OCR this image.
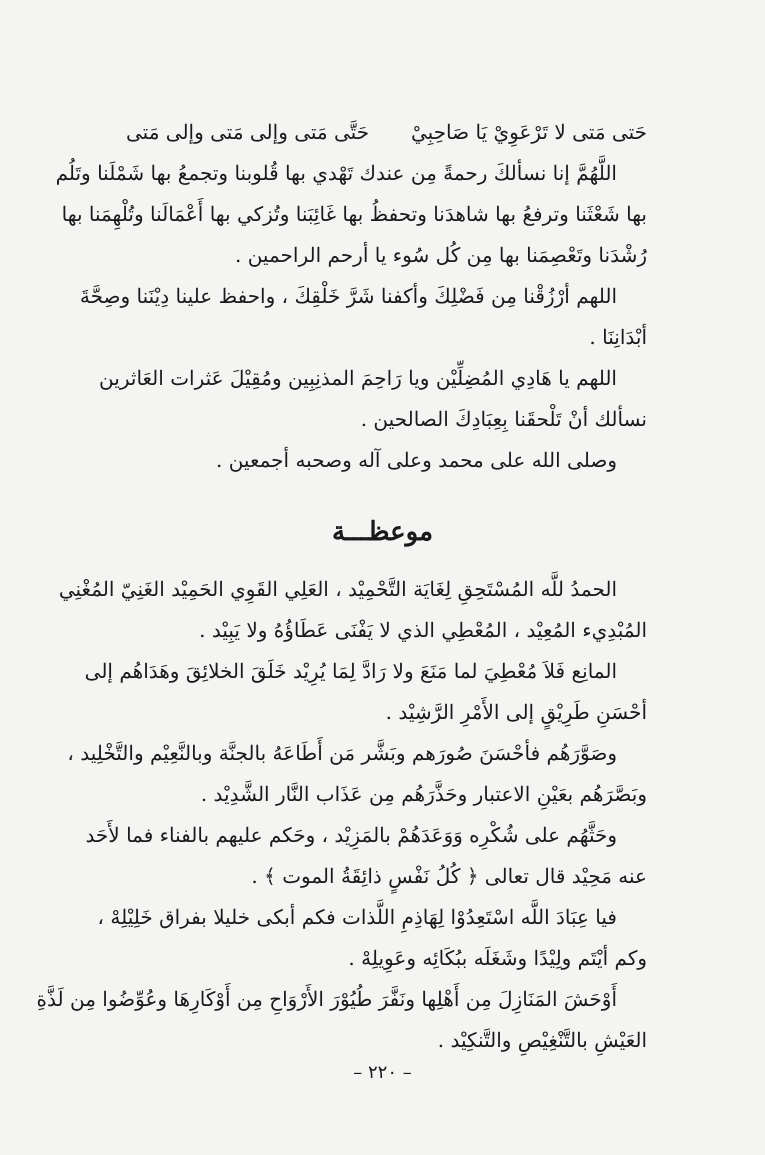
حَتى مَتى لا تَرْعَوِيْ يَا صَاحِبِيْ
حَتَّى مَتى وإلى مَتى وإلى مَتى
اللَّهُمَّ إنا نسألكَ رحمةً مِن عندك تَهْدي بها قُلوبنا وتجمعُ بها شَمْلَنا وتَلُم
بها شَعْثَنا وترفعُ بها شاهدَنا وتحفظُ بها غَائِبَنا وتُزكي بها أَعْمَالَنا وتُلْهِمَنا بها
رُشْدَنا وتَعْصِمَنا بها مِن كُل سُوء يا أرحم الراحمين .
اللهم أرْزُقْنا مِن فَضْلِكَ وأكفنا شَرَّ خَلْقِكَ ، واحفظ علينا دِيْنَنا وصِحَّةَ
أبْدَانِنَا .
اللهم يا هَادِي المُضِلِّيْن ويا رَاحِمَ المذنِبِين ومُقِيْلَ عَثرات العَاثرين
نسألك أنْ تَلْحقَنا بِعِبَادِكَ الصالحين .
وصلى الله على محمد وعلى آله وصحبه أجمعين .
موعظـــة
الحمدُ للَّه المُسْتَحِقِ لِغَايَة التَّحْمِيْد ، العَلِي القَوِي الحَمِيْد الغَنِيّ المُغْنِي
المُبْدِيء المُعِيْد ، المُعْطِي الذي لا يَفْنَى عَطَاؤُهُ ولا يَبِيْد .
المانِع فَلاَ مُعْطِيَ لما مَنَعَ ولا رَادَّ لِمَا يُرِيْد خَلَقَ الخلائِقَ وهَدَاهُم إلى
أحْسَنِ طَرِيْقٍ إلى الأَمْرِ الرَّشِيْد .
وصَوَّرَهُم فأحْسَنَ صُورَهم وبَشَّر مَن أَطَاعَهُ بالجنَّة وبالنَّعِيْم والتَّخْلِيد ،
وبَصَّرَهُم بعَيْنِ الاعتبار وحَذَّرَهُم مِن عَذَاب النَّار الشَّدِيْد .
وحَثَّهُم على شُكْرِه وَوَعَدَهُمْ بالمَزِيْد ، وحَكم عليهم بالفناء فما لأَحَد
عنه مَحِيْد قال تعالى ﴿ كُلُ نَفْسٍ ذائِقَةُ الموت ﴾ .
فيا عِبَادَ اللَّه اسْتَعِدُوْا لِهَاذِمِ اللَّذات فكم أبكى خليلا بفراق خَلِيْلِهْ ،
وكم أيْتَم ولِيْدًا وشَغَلَه ببُكَائِه وعَوِيلِهْ .
أَوْحَشَ المَنَازِلَ مِن أَهْلِها ونَفَّرَ طُيُوْرَ الأَرْوَاحِ مِن أَوْكَارِهَا وعُوِّضُوا مِن لَذَّةِ
العَيْشِ بالتَّنْغِيْصِ والتَّنكِيْد .
– ٢٢٠ –
